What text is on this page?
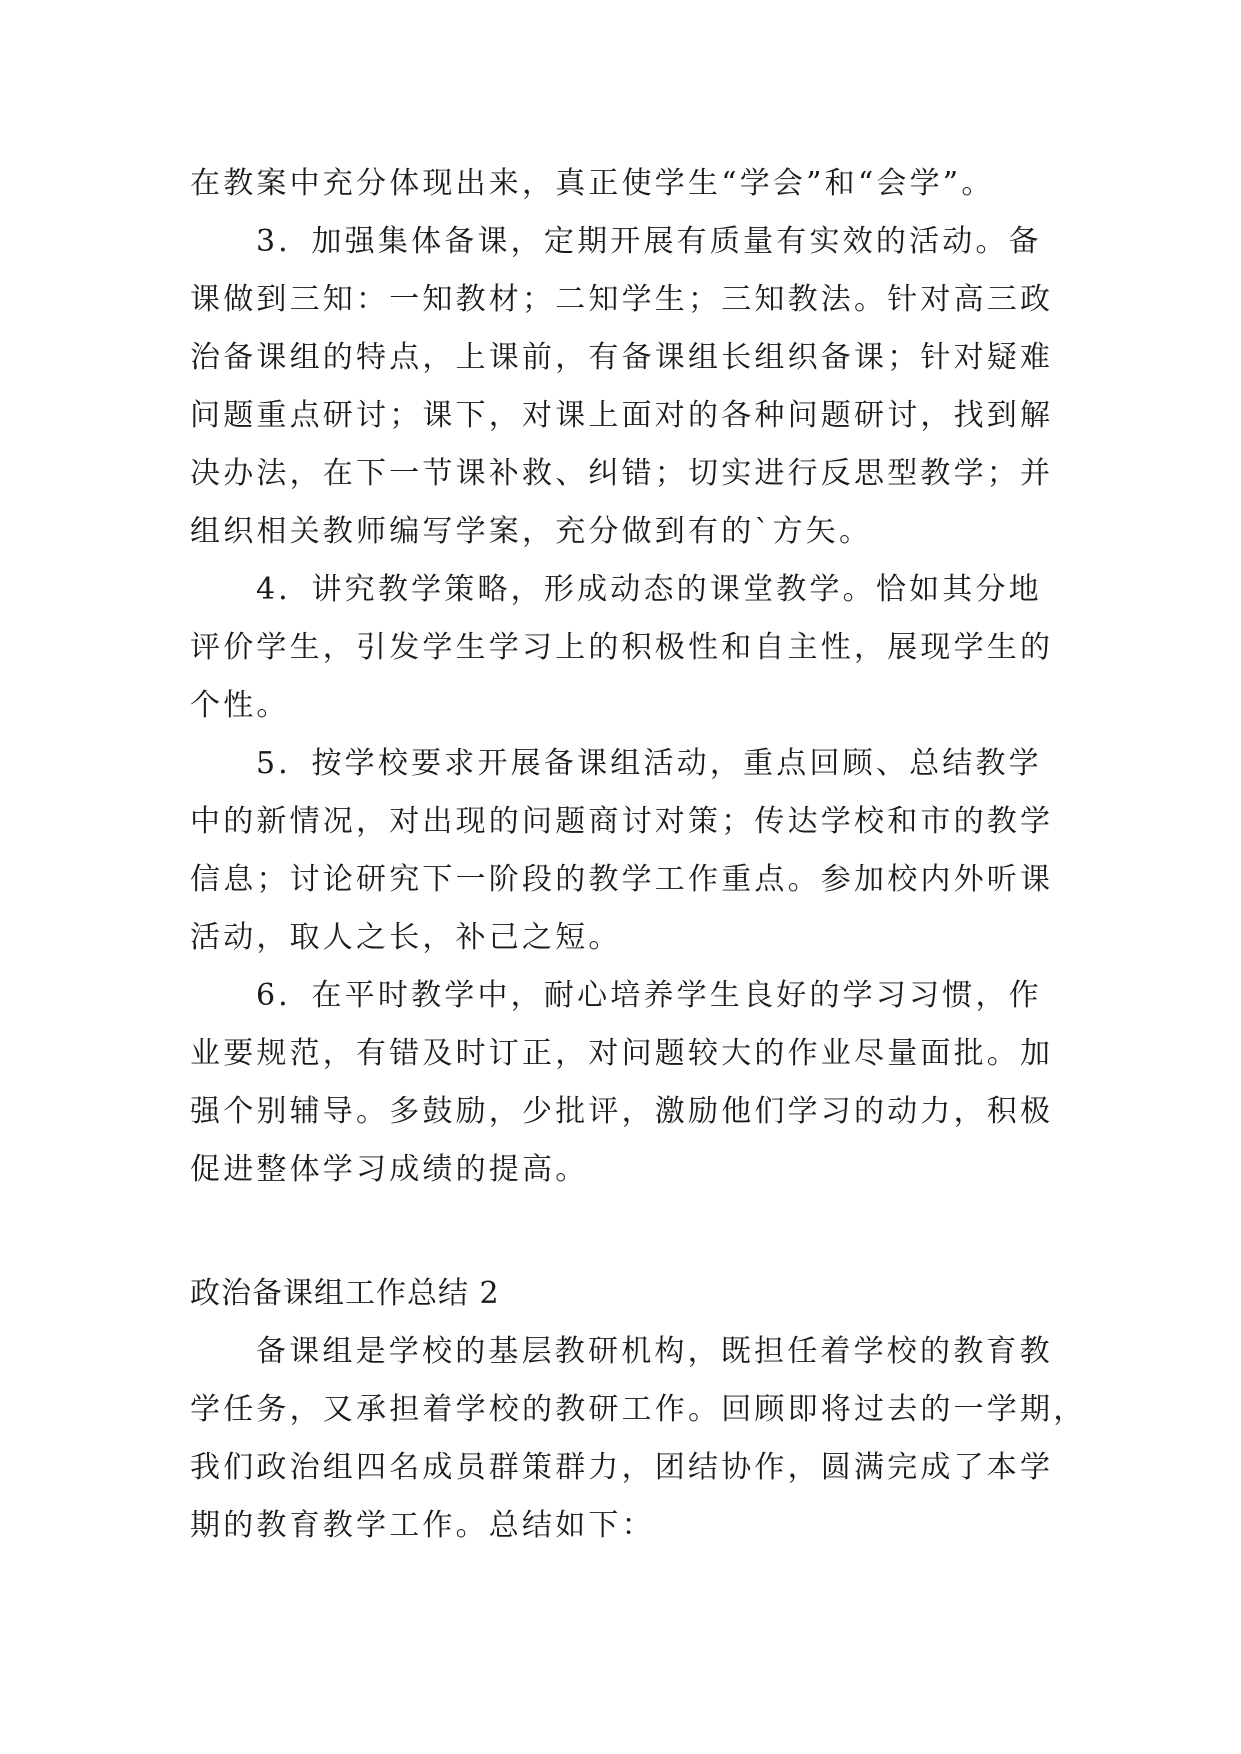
在教案中充分体现出来，真正使学生“学会”和“会学”。
3．加强集体备课，定期开展有质量有实效的活动。备
课做到三知：一知教材；二知学生；三知教法。针对高三政
治备课组的特点，上课前，有备课组长组织备课；针对疑难
问题重点研讨；课下，对课上面对的各种问题研讨，找到解
决办法，在下一节课补救、纠错；切实进行反思型教学；并
组织相关教师编写学案，充分做到有的`方矢。
4．讲究教学策略，形成动态的课堂教学。恰如其分地
评价学生，引发学生学习上的积极性和自主性，展现学生的
个性。
5．按学校要求开展备课组活动，重点回顾、总结教学
中的新情况，对出现的问题商讨对策；传达学校和市的教学
信息；讨论研究下一阶段的教学工作重点。参加校内外听课
活动，取人之长，补己之短。
6．在平时教学中，耐心培养学生良好的学习习惯，作
业要规范，有错及时订正，对问题较大的作业尽量面批。加
强个别辅导。多鼓励，少批评，激励他们学习的动力，积极
促进整体学习成绩的提高。
政治备课组工作总结 2
备课组是学校的基层教研机构，既担任着学校的教育教
学任务，又承担着学校的教研工作。回顾即将过去的一学期，
我们政治组四名成员群策群力，团结协作，圆满完成了本学
期的教育教学工作。总结如下：
